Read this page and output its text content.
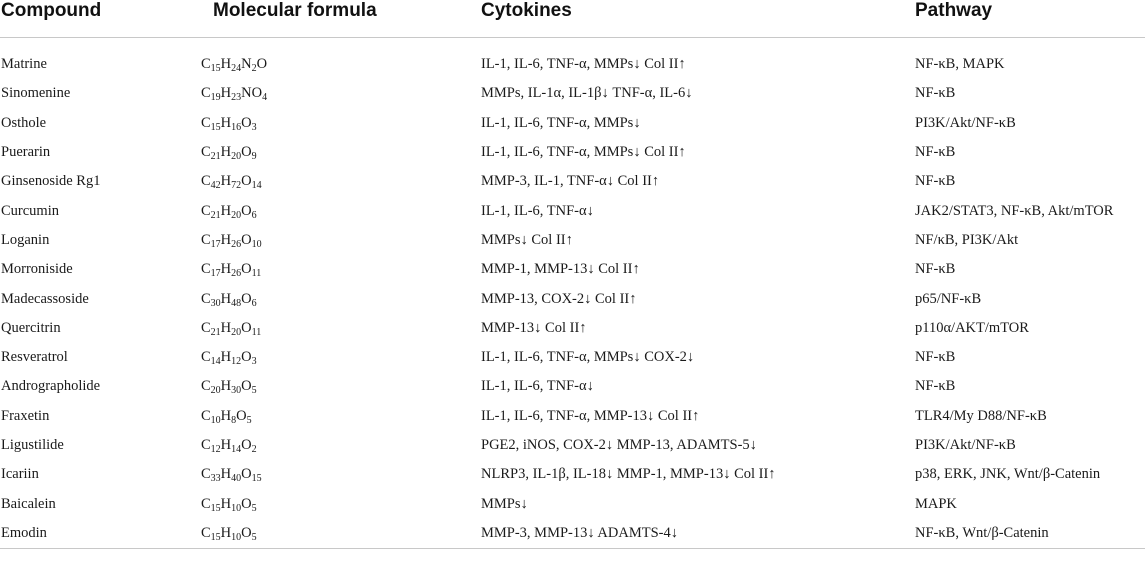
Compound	Molecular formula	Cytokines	Pathway
Matrine	$C_{15}H_{24}N_2O$	IL-1, IL-6, TNF-α, MMPs↓ Col II↑	NF-κB, MAPK
Sinomenine	$C_{19}H_{23}NO_4$	MMPs, IL-1α, IL-1β↓ TNF-α, IL-6↓	NF-κB
Osthole	$C_{15}H_{16}O_3$	IL-1, IL-6, TNF-α, MMPs↓	PI3K/Akt/NF-κB
Puerarin	$C_{21}H_{20}O_9$	IL-1, IL-6, TNF-α, MMPs↓ Col II↑	NF-κB
Ginsenoside Rg1	$C_{42}H_{72}O_{14}$	MMP-3, IL-1, TNF-α↓ Col II↑	NF-κB
Curcumin	$C_{21}H_{20}O_6$	IL-1, IL-6, TNF-α↓	JAK2/STAT3, NF-κB, Akt/mTOR
Loganin	$C_{17}H_{26}O_{10}$	MMPs↓ Col II↑	NF/κB, PI3K/Akt
Morroniside	$C_{17}H_{26}O_{11}$	MMP-1, MMP-13↓ Col II↑	NF-κB
Madecassoside	$C_{30}H_{48}O_6$	MMP-13, COX-2↓ Col II↑	p65/NF-κB
Quercitrin	$C_{21}H_{20}O_{11}$	MMP-13↓ Col II↑	p110α/AKT/mTOR
Resveratrol	$C_{14}H_{12}O_3$	IL-1, IL-6, TNF-α, MMPs↓ COX-2↓	NF-κB
Andrographolide	$C_{20}H_{30}O_5$	IL-1, IL-6, TNF-α↓	NF-κB
Fraxetin	$C_{10}H_8O_5$	IL-1, IL-6, TNF-α, MMP-13↓ Col II↑	TLR4/My D88/NF-κB
Ligustilide	$C_{12}H_{14}O_2$	PGE2, iNOS, COX-2↓ MMP-13, ADAMTS-5↓	PI3K/Akt/NF-κB
Icariin	$C_{33}H_{40}O_{15}$	NLRP3, IL-1β, IL-18↓ MMP-1, MMP-13↓ Col II↑	p38, ERK, JNK, Wnt/β-Catenin
Baicalein	$C_{15}H_{10}O_5$	MMPs↓	MAPK
Emodin	$C_{15}H_{10}O_5$	MMP-3, MMP-13↓ ADAMTS-4↓	NF-κB, Wnt/β-Catenin
